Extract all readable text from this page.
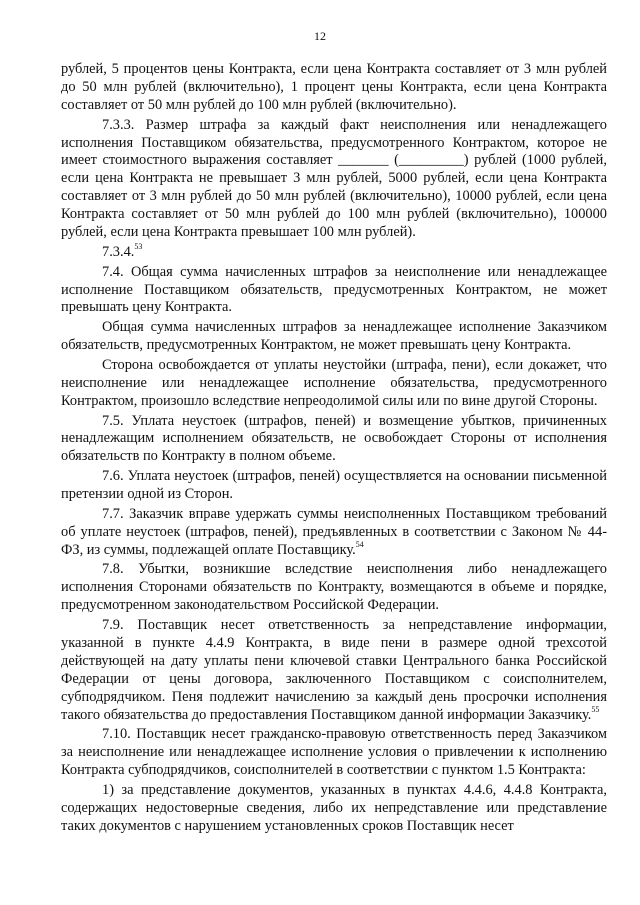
12

рублей, 5 процентов цены Контракта, если цена Контракта составляет от 3 млн рублей до 50 млн рублей (включительно), 1 процент цены Контракта, если цена Контракта составляет от 50 млн рублей до 100 млн рублей (включительно).

7.3.3. Размер штрафа за каждый факт неисполнения или ненадлежащего исполнения Поставщиком обязательства, предусмотренного Контрактом, которое не имеет стоимостного выражения составляет _______ (_________) рублей (1000 рублей, если цена Контракта не превышает 3 млн рублей, 5000 рублей, если цена Контракта составляет от 3 млн рублей до 50 млн рублей (включительно), 10000 рублей, если цена Контракта составляет от 50 млн рублей до 100 млн рублей (включительно), 100000 рублей, если цена Контракта превышает 100 млн рублей).

7.3.4.53

7.4. Общая сумма начисленных штрафов за неисполнение или ненадлежащее исполнение Поставщиком обязательств, предусмотренных Контрактом, не может превышать цену Контракта.

Общая сумма начисленных штрафов за ненадлежащее исполнение Заказчиком обязательств, предусмотренных Контрактом, не может превышать цену Контракта.

Сторона освобождается от уплаты неустойки (штрафа, пени), если докажет, что неисполнение или ненадлежащее исполнение обязательства, предусмотренного Контрактом, произошло вследствие непреодолимой силы или по вине другой Стороны.

7.5. Уплата неустоек (штрафов, пеней) и возмещение убытков, причиненных ненадлежащим исполнением обязательств, не освобождает Стороны от исполнения обязательств по Контракту в полном объеме.

7.6. Уплата неустоек (штрафов, пеней) осуществляется на основании письменной претензии одной из Сторон.

7.7. Заказчик вправе удержать суммы неисполненных Поставщиком требований об уплате неустоек (штрафов, пеней), предъявленных в соответствии с Законом № 44-ФЗ, из суммы, подлежащей оплате Поставщику.$^{54}$

7.8. Убытки, возникшие вследствие неисполнения либо ненадлежащего исполнения Сторонами обязательств по Контракту, возмещаются в объеме и порядке, предусмотренном законодательством Российской Федерации.

7.9. Поставщик несет ответственность за непредставление информации, указанной в пункте 4.4.9 Контракта, в виде пени в размере одной трехсотой действующей на дату уплаты пени ключевой ставки Центрального банка Российской Федерации от цены договора, заключенного Поставщиком с соисполнителем, субподрядчиком. Пеня подлежит начислению за каждый день просрочки исполнения такого обязательства до предоставления Поставщиком данной информации Заказчику.$^{55}$

7.10. Поставщик несет гражданско-правовую ответственность перед Заказчиком за неисполнение или ненадлежащее исполнение условия о привлечении к исполнению Контракта субподрядчиков, соисполнителей в соответствии с пунктом 1.5 Контракта:

1) за представление документов, указанных в пунктах 4.4.6, 4.4.8 Контракта, содержащих недостоверные сведения, либо их непредставление или представление таких документов с нарушением установленных сроков Поставщик несет
